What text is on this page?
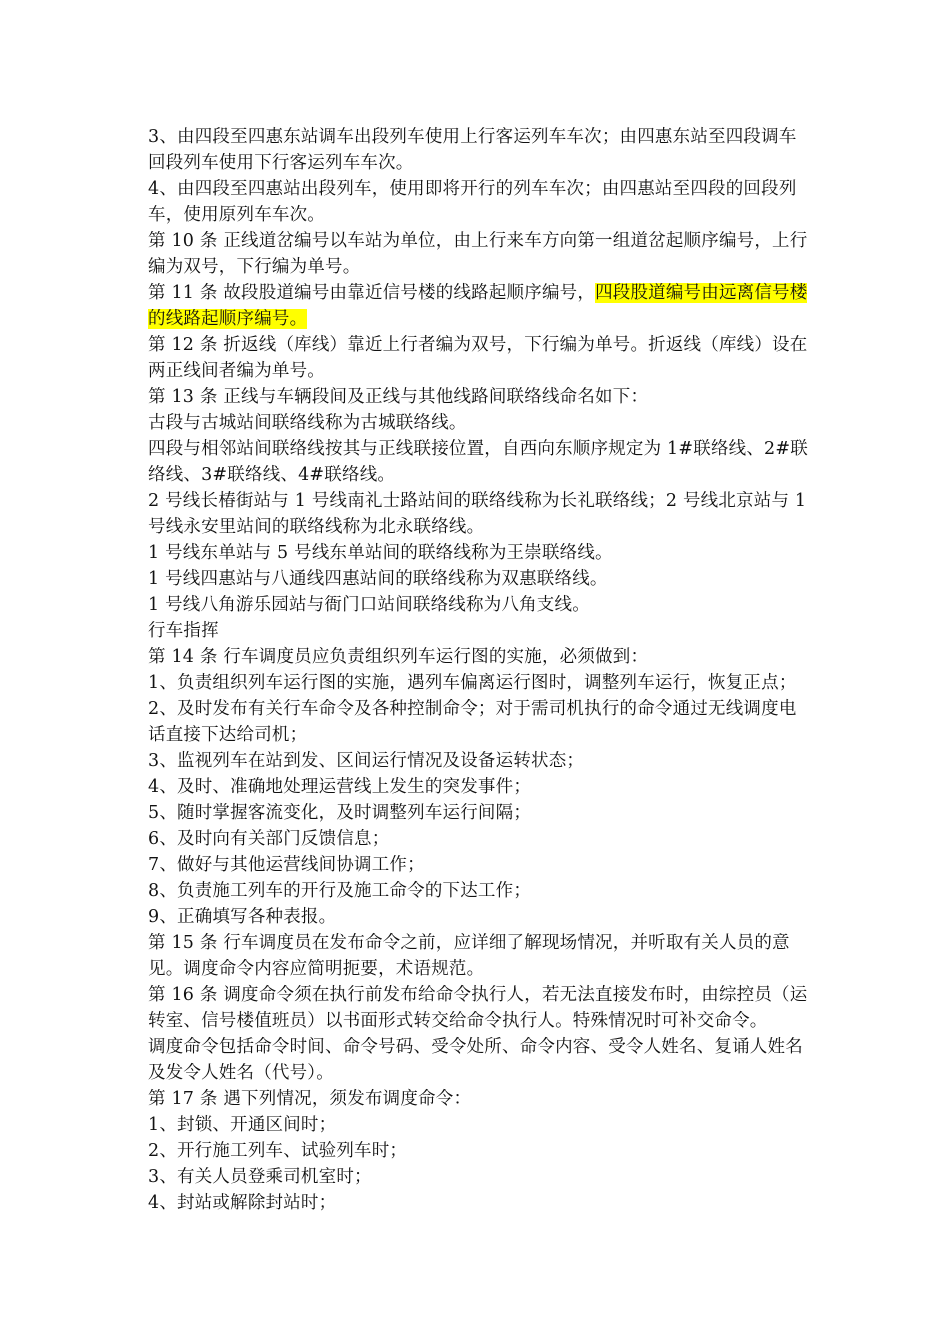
3、由四段至四惠东站调车出段列车使用上行客运列车车次；由四惠东站至四段调车回段列车使用下行客运列车车次。

4、由四段至四惠站出段列车，使用即将开行的列车车次；由四惠站至四段的回段列车，使用原列车车次。

第 10 条 正线道岔编号以车站为单位，由上行来车方向第一组道岔起顺序编号，上行编为双号，下行编为单号。

第 11 条 故段股道编号由靠近信号楼的线路起顺序编号，四段股道编号由远离信号楼的线路起顺序编号。

第 12 条 折返线（库线）靠近上行者编为双号，下行编为单号。折返线（库线）设在两正线间者编为单号。

第 13 条 正线与车辆段间及正线与其他线路间联络线命名如下：

古段与古城站间联络线称为古城联络线。

四段与相邻站间联络线按其与正线联接位置，自西向东顺序规定为 1#联络线、2#联络线、3#联络线、4#联络线。

2 号线长椿街站与 1 号线南礼士路站间的联络线称为长礼联络线；2 号线北京站与 1 号线永安里站间的联络线称为北永联络线。

1 号线东单站与 5 号线东单站间的联络线称为王崇联络线。

1 号线四惠站与八通线四惠站间的联络线称为双惠联络线。

1 号线八角游乐园站与衙门口站间联络线称为八角支线。

行车指挥

第 14 条 行车调度员应负责组织列车运行图的实施，必须做到：

1、负责组织列车运行图的实施，遇列车偏离运行图时，调整列车运行，恢复正点；

2、及时发布有关行车命令及各种控制命令；对于需司机执行的命令通过无线调度电话直接下达给司机；

3、监视列车在站到发、区间运行情况及设备运转状态；

4、及时、准确地处理运营线上发生的突发事件；

5、随时掌握客流变化，及时调整列车运行间隔；

6、及时向有关部门反馈信息；

7、做好与其他运营线间协调工作；

8、负责施工列车的开行及施工命令的下达工作；

9、正确填写各种表报。

第 15 条 行车调度员在发布命令之前，应详细了解现场情况，并听取有关人员的意见。调度命令内容应简明扼要，术语规范。

第 16 条 调度命令须在执行前发布给命令执行人，若无法直接发布时，由综控员（运转室、信号楼值班员）以书面形式转交给命令执行人。特殊情况时可补交命令。

调度命令包括命令时间、命令号码、受令处所、命令内容、受令人姓名、复诵人姓名及发令人姓名（代号）。

第 17 条 遇下列情况，须发布调度命令：

1、封锁、开通区间时；

2、开行施工列车、试验列车时；

3、有关人员登乘司机室时；

4、封站或解除封站时；
